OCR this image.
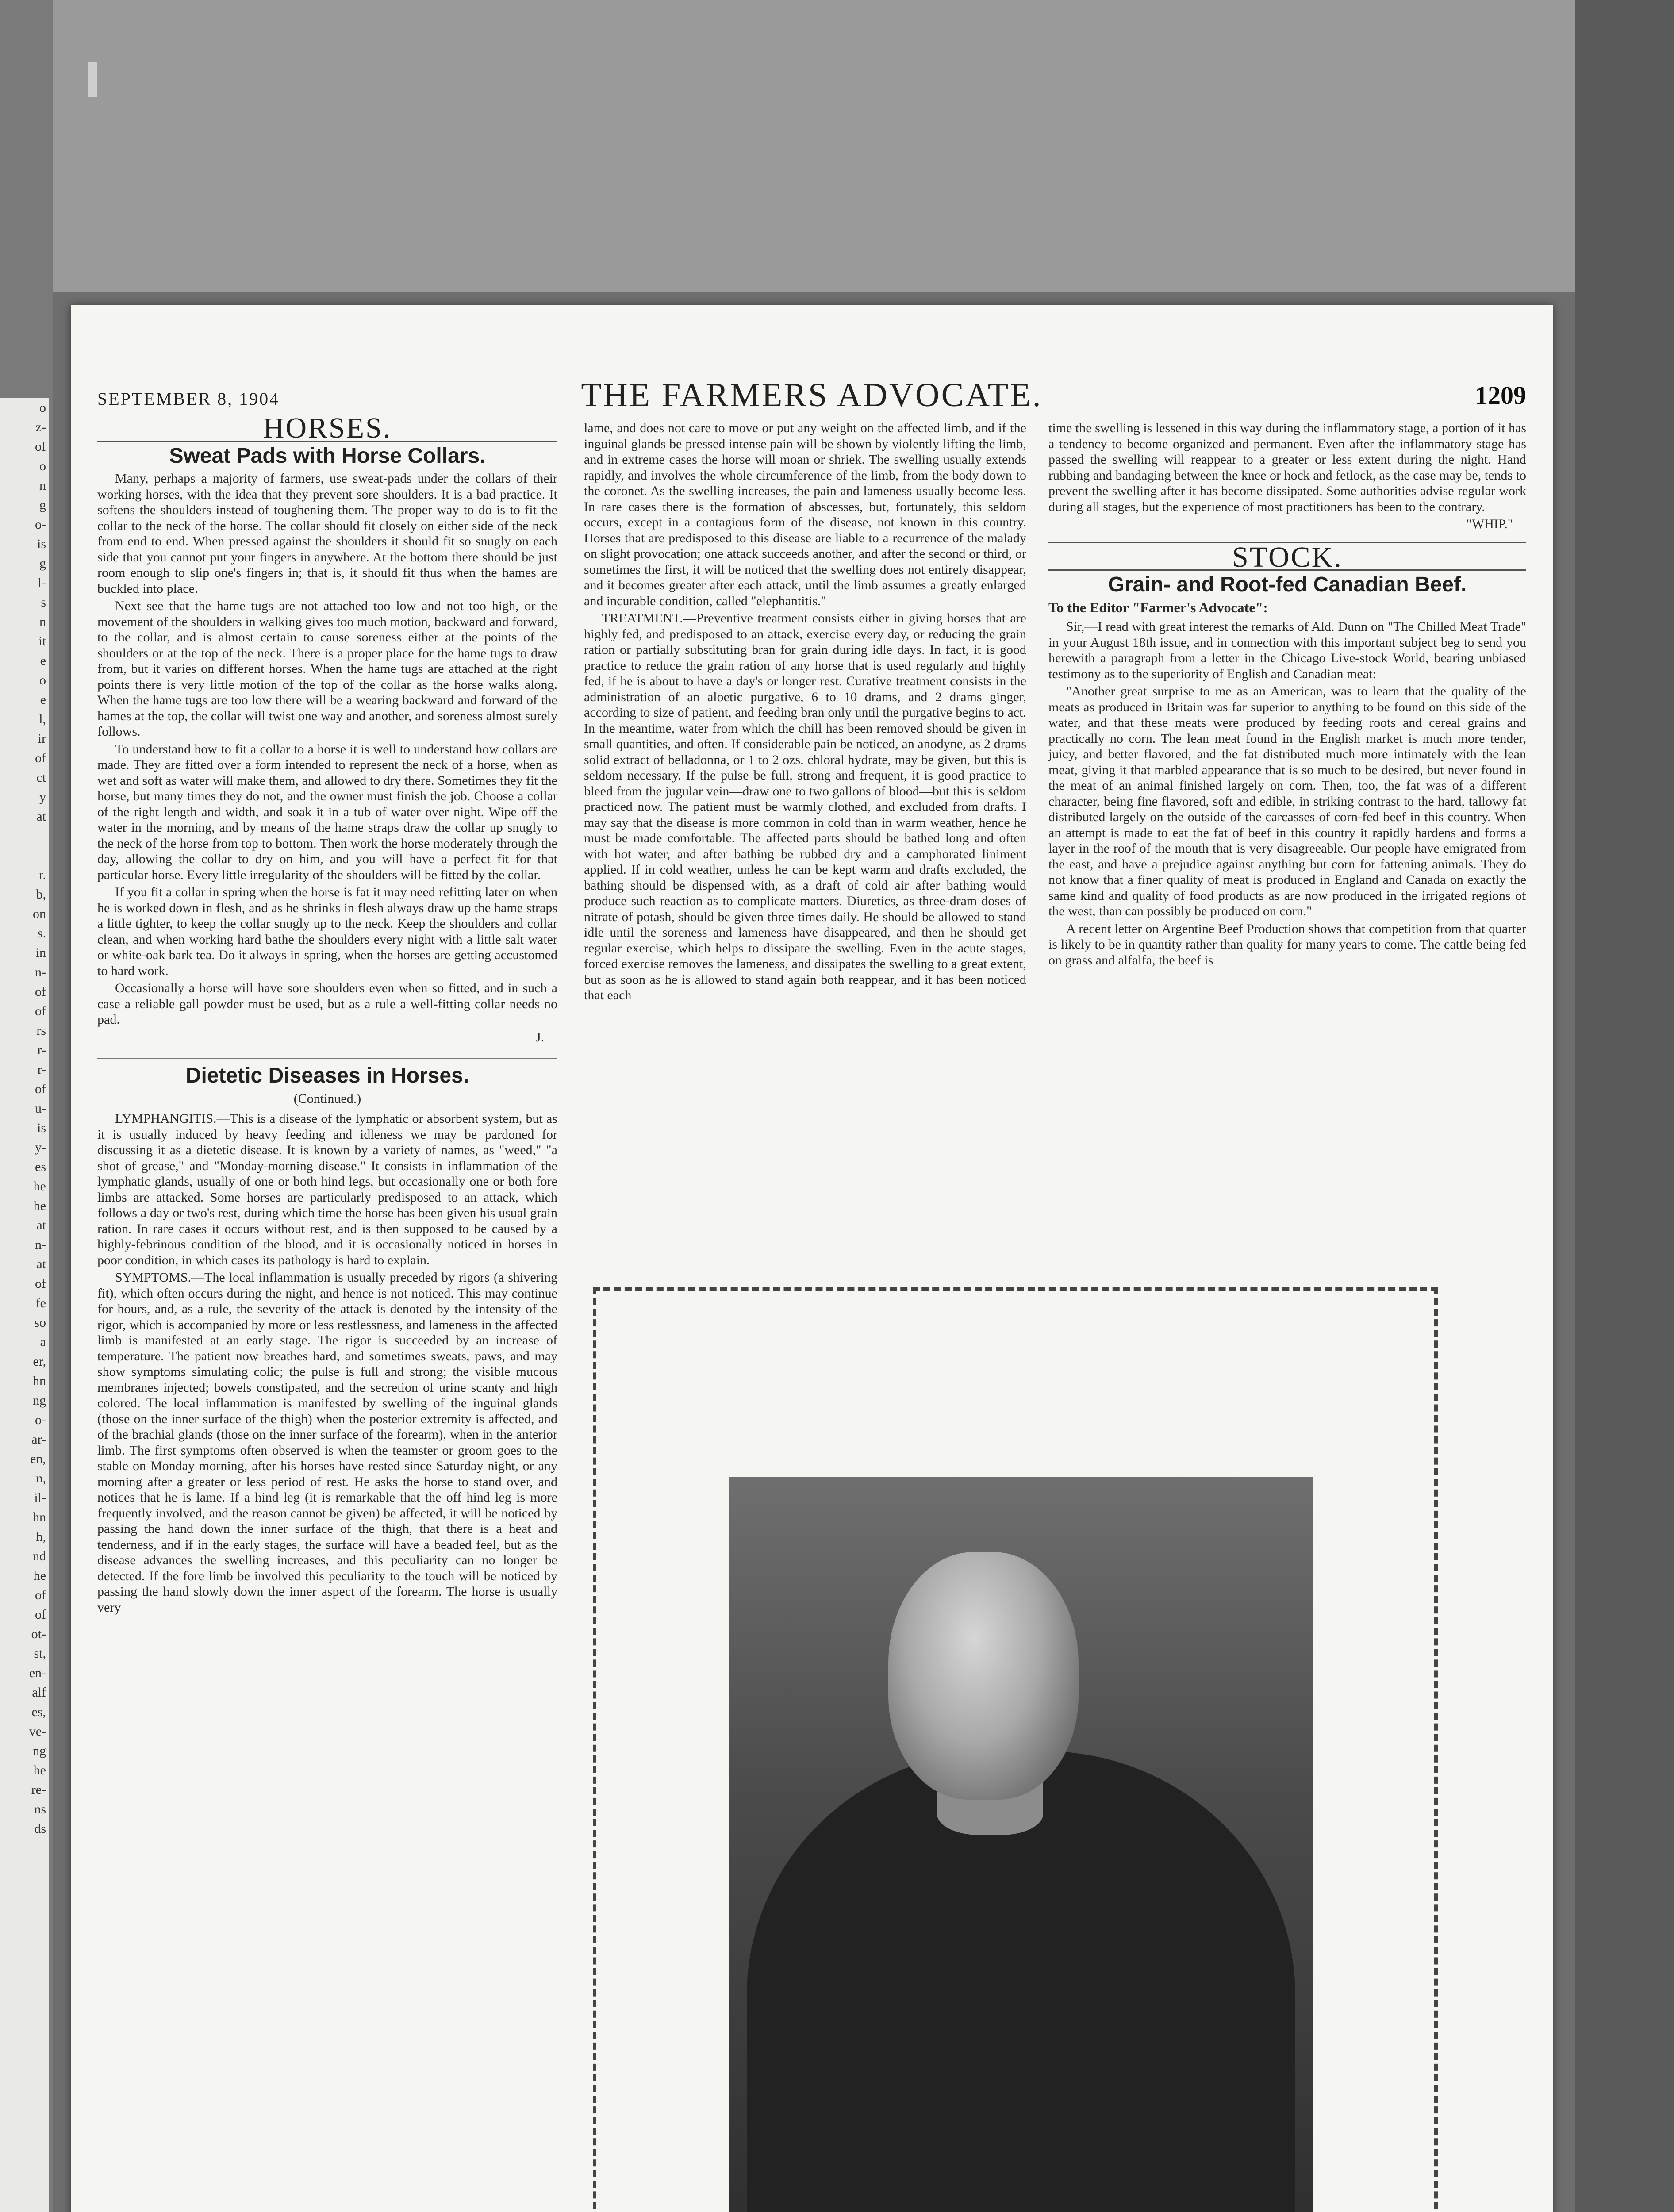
o
z-
of
o
n
g
o-
is
g
l-
s
n
it
e
o
e
l,
ir
of
ct
y
at

r.
b,
on
s.
in
n-
of
of
rs
r-
r-
of
u-
is
y-
es
he
he
at
n-
at
of
fe
so
a
er,
hn
ng
o-
ar-
en,
n,
il-
hn
h,
nd
he
of
of
ot-
st,
en-
alf
es,
ve-
ng
he
re-
ns
ds
SEPTEMBER 8, 1904	THE FARMERS ADVOCATE.	1209
HORSES.
Sweat Pads with Horse Collars.

Many, perhaps a majority of farmers, use sweat-pads under the collars of their working horses, with the idea that they prevent sore shoulders. It is a bad practice. It softens the shoulders instead of toughening them. The proper way to do is to fit the collar to the neck of the horse. The collar should fit closely on either side of the neck from end to end. When pressed against the shoulders it should fit so snugly on each side that you cannot put your fingers in anywhere. At the bottom there should be just room enough to slip one's fingers in; that is, it should fit thus when the hames are buckled into place.

Next see that the hame tugs are not attached too low and not too high, or the movement of the shoulders in walking gives too much motion, backward and forward, to the collar, and is almost certain to cause soreness either at the points of the shoulders or at the top of the neck. There is a proper place for the hame tugs to draw from, but it varies on different horses. When the hame tugs are attached at the right points there is very little motion of the top of the collar as the horse walks along. When the hame tugs are too low there will be a wearing backward and forward of the hames at the top, the collar will twist one way and another, and soreness almost surely follows.

To understand how to fit a collar to a horse it is well to understand how collars are made. They are fitted over a form intended to represent the neck of a horse, when as wet and soft as water will make them, and allowed to dry there. Sometimes they fit the horse, but many times they do not, and the owner must finish the job. Choose a collar of the right length and width, and soak it in a tub of water over night. Wipe off the water in the morning, and by means of the hame straps draw the collar up snugly to the neck of the horse from top to bottom. Then work the horse moderately through the day, allowing the collar to dry on him, and you will have a perfect fit for that particular horse. Every little irregularity of the shoulders will be fitted by the collar.

If you fit a collar in spring when the horse is fat it may need refitting later on when he is worked down in flesh, and as he shrinks in flesh always draw up the hame straps a little tighter, to keep the collar snugly up to the neck. Keep the shoulders and collar clean, and when working hard bathe the shoulders every night with a little salt water or white-oak bark tea. Do it always in spring, when the horses are getting accustomed to hard work.

Occasionally a horse will have sore shoulders even when so fitted, and in such a case a reliable gall powder must be used, but as a rule a well-fitting collar needs no pad.

J.
Dietetic Diseases in Horses.
(Continued.)

LYMPHANGITIS.—This is a disease of the lymphatic or absorbent system, but as it is usually induced by heavy feeding and idleness we may be pardoned for discussing it as a dietetic disease. It is known by a variety of names, as "weed," "a shot of grease," and "Monday-morning disease." It consists in inflammation of the lymphatic glands, usually of one or both hind legs, but occasionally one or both fore limbs are attacked. Some horses are particularly predisposed to an attack, which follows a day or two's rest, during which time the horse has been given his usual grain ration. In rare cases it occurs without rest, and is then supposed to be caused by a highly-febrinous condition of the blood, and it is occasionally noticed in horses in poor condition, in which cases its pathology is hard to explain.

SYMPTOMS.—The local inflammation is usually preceded by rigors (a shivering fit), which often occurs during the night, and hence is not noticed. This may continue for hours, and, as a rule, the severity of the attack is denoted by the intensity of the rigor, which is accompanied by more or less restlessness, and lameness in the affected limb is manifested at an early stage. The rigor is succeeded by an increase of temperature. The patient now breathes hard, and sometimes sweats, paws, and may show symptoms simulating colic; the pulse is full and strong; the visible mucous membranes injected; bowels constipated, and the secretion of urine scanty and high colored. The local inflammation is manifested by swelling of the inguinal glands (those on the inner surface of the thigh) when the posterior extremity is affected, and of the brachial glands (those on the inner surface of the forearm), when in the anterior limb. The first symptoms often observed is when the teamster or groom goes to the stable on Monday morning, after his horses have rested since Saturday night, or any morning after a greater or less period of rest. He asks the horse to stand over, and notices that he is lame. If a hind leg (it is remarkable that the off hind leg is more frequently involved, and the reason cannot be given) be affected, it will be noticed by passing the hand down the inner surface of the thigh, that there is a heat and tenderness, and if in the early stages, the surface will have a beaded feel, but as the disease advances the swelling increases, and this peculiarity can no longer be detected. If the fore limb be involved this peculiarity to the touch will be noticed by passing the hand slowly down the inner aspect of the forearm. The horse is usually very

lame, and does not care to move or put any weight on the affected limb, and if the inguinal glands be pressed intense pain will be shown by violently lifting the limb, and in extreme cases the horse will moan or shriek. The swelling usually extends rapidly, and involves the whole circumference of the limb, from the body down to the coronet. As the swelling increases, the pain and lameness usually become less. In rare cases there is the formation of abscesses, but, fortunately, this seldom occurs, except in a contagious form of the disease, not known in this country. Horses that are predisposed to this disease are liable to a recurrence of the malady on slight provocation; one attack succeeds another, and after the second or third, or sometimes the first, it will be noticed that the swelling does not entirely disappear, and it becomes greater after each attack, until the limb assumes a greatly enlarged and incurable condition, called "elephantitis."

TREATMENT.—Preventive treatment consists either in giving horses that are highly fed, and predisposed to an attack, exercise every day, or reducing the grain ration or partially substituting bran for grain during idle days. In fact, it is good practice to reduce the grain ration of any horse that is used regularly and highly fed, if he is about to have a day's or longer rest. Curative treatment consists in the administration of an aloetic purgative, 6 to 10 drams, and 2 drams ginger, according to size of patient, and feeding bran only until the purgative begins to act. In the meantime, water from which the chill has been removed should be given in small quantities, and often. If considerable pain be noticed, an anodyne, as 2 drams solid extract of belladonna, or 1 to 2 ozs. chloral hydrate, may be given, but this is seldom necessary. If the pulse be full, strong and frequent, it is good practice to bleed from the jugular vein—draw one to two gallons of blood—but this is seldom practiced now. The patient must be warmly clothed, and excluded from drafts. I may say that the disease is more common in cold than in warm weather, hence he must be made comfortable. The affected parts should be bathed long and often with hot water, and after bathing be rubbed dry and a camphorated liniment applied. If in cold weather, unless he can be kept warm and drafts excluded, the bathing should be dispensed with, as a draft of cold air after bathing would produce such reaction as to complicate matters. Diuretics, as three-dram doses of nitrate of potash, should be given three times daily. He should be allowed to stand idle until the soreness and lameness have disappeared, and then he should get regular exercise, which helps to dissipate the swelling. Even in the acute stages, forced exercise removes the lameness, and dissipates the swelling to a great extent, but as soon as he is allowed to stand again both reappear, and it has been noticed that each

time the swelling is lessened in this way during the inflammatory stage, a portion of it has a tendency to become organized and permanent. Even after the inflammatory stage has passed the swelling will reappear to a greater or less extent during the night. Hand rubbing and bandaging between the knee or hock and fetlock, as the case may be, tends to prevent the swelling after it has become dissipated. Some authorities advise regular work during all stages, but the experience of most practitioners has been to the contrary.

"WHIP."
STOCK.
Grain- and Root-fed Canadian Beef.
To the Editor "Farmer's Advocate":

Sir,—I read with great interest the remarks of Ald. Dunn on "The Chilled Meat Trade" in your August 18th issue, and in connection with this important subject beg to send you herewith a paragraph from a letter in the Chicago Live-stock World, bearing unbiased testimony as to the superiority of English and Canadian meat:

"Another great surprise to me as an American, was to learn that the quality of the meats as produced in Britain was far superior to anything to be found on this side of the water, and that these meats were produced by feeding roots and cereal grains and practically no corn. The lean meat found in the English market is much more tender, juicy, and better flavored, and the fat distributed much more intimately with the lean meat, giving it that marbled appearance that is so much to be desired, but never found in the meat of an animal finished largely on corn. Then, too, the fat was of a different character, being fine flavored, soft and edible, in striking contrast to the hard, tallowy fat distributed largely on the outside of the carcasses of corn-fed beef in this country. When an attempt is made to eat the fat of beef in this country it rapidly hardens and forms a layer in the roof of the mouth that is very disagreeable. Our people have emigrated from the east, and have a prejudice against anything but corn for fattening animals. They do not know that a finer quality of meat is produced in England and Canada on exactly the same kind and quality of food products as are now produced in the irrigated regions of the west, than can possibly be produced on corn."

A recent letter on Argentine Beef Production shows that competition from that quarter is likely to be in quantity rather than quality for many years to come. The cattle being fed on grass and alfalfa, the beef is
